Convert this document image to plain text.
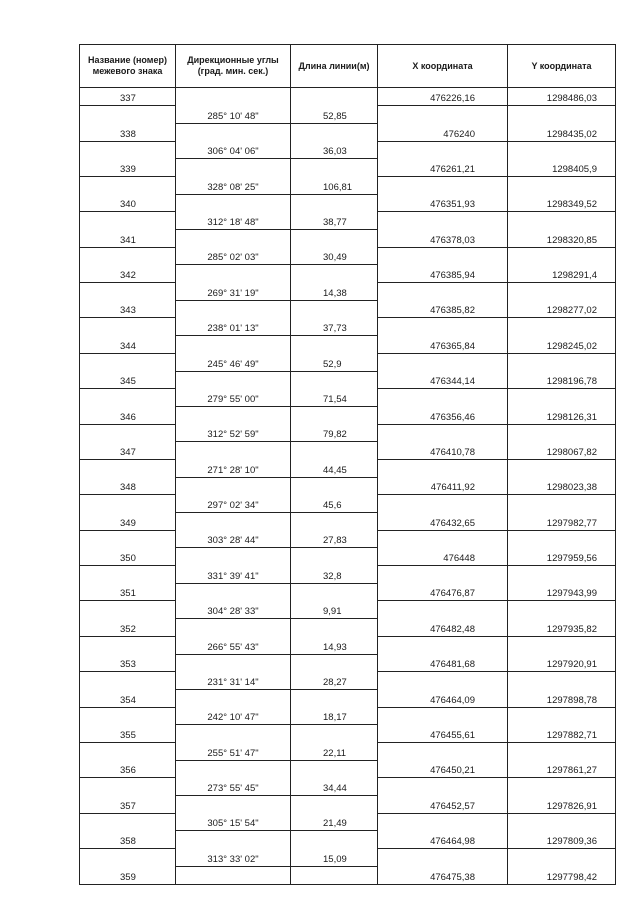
Название (номер) межевого знака	Дирекционные углы (град. мин. сек.)	Длина линии(м)	X координата	Y координата
337			476226,16	1298486,03
	285° 10' 48"	52,85		
338			476240	1298435,02
	306° 04' 06"	36,03		
339			476261,21	1298405,9
	328° 08' 25"	106,81		
340			476351,93	1298349,52
	312° 18' 48"	38,77		
341			476378,03	1298320,85
	285° 02' 03"	30,49		
342			476385,94	1298291,4
	269° 31' 19"	14,38		
343			476385,82	1298277,02
	238° 01' 13"	37,73		
344			476365,84	1298245,02
	245° 46' 49"	52,9		
345			476344,14	1298196,78
	279° 55' 00"	71,54		
346			476356,46	1298126,31
	312° 52' 59"	79,82		
347			476410,78	1298067,82
	271° 28' 10"	44,45		
348			476411,92	1298023,38
	297° 02' 34"	45,6		
349			476432,65	1297982,77
	303° 28' 44"	27,83		
350			476448	1297959,56
	331° 39' 41"	32,8		
351			476476,87	1297943,99
	304° 28' 33"	9,91		
352			476482,48	1297935,82
	266° 55' 43"	14,93		
353			476481,68	1297920,91
	231° 31' 14"	28,27		
354			476464,09	1297898,78
	242° 10' 47"	18,17		
355			476455,61	1297882,71
	255° 51' 47"	22,11		
356			476450,21	1297861,27
	273° 55' 45"	34,44		
357			476452,57	1297826,91
	305° 15' 54"	21,49		
358			476464,98	1297809,36
	313° 33' 02"	15,09		
359			476475,38	1297798,42
